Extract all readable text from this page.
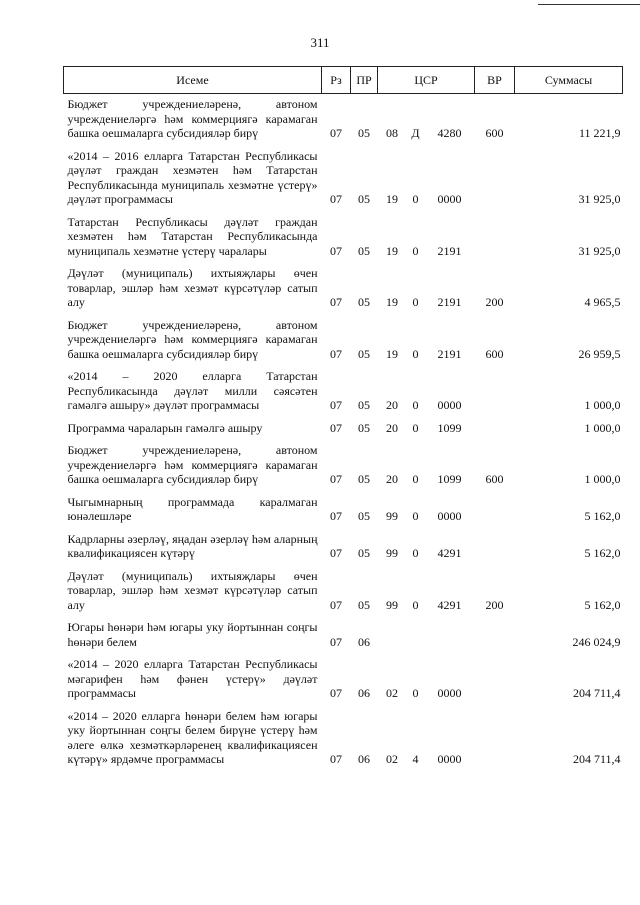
311
Исеме	Рз	ПР	ЦСР			ВР	Суммасы
Бюджет учреждениеләренә, автоном учреждениеләргә һәм коммерциягә карамаган башка оешмаларга субсидияләр бирү	07	05	08	Д	4280	600	11 221,9
«2014 – 2016 елларга Татарстан Республикасы дәүләт граждан хезмәтен һәм Татарстан Республикасында муниципаль хезмәтне үстерү» дәүләт программасы	07	05	19	0	0000		31 925,0
Татарстан Республикасы дәүләт граждан хезмәтен һәм Татарстан Республикасында муниципаль хезмәтне үстерү чаралары	07	05	19	0	2191		31 925,0
Дәүләт (муниципаль) ихтыяҗлары өчен товарлар, эшләр һәм хезмәт күрсәтүләр сатып алу	07	05	19	0	2191	200	4 965,5
Бюджет учреждениеләренә, автоном учреждениеләргә һәм коммерциягә карамаган башка оешмаларга субсидияләр бирү	07	05	19	0	2191	600	26 959,5
«2014 – 2020 елларга Татарстан Республикасында дәүләт милли сәясәтен гамәлгә ашыру» дәүләт программасы	07	05	20	0	0000		1 000,0
Программа чараларын гамәлгә ашыру	07	05	20	0	1099		1 000,0
Бюджет учреждениеләренә, автоном учреждениеләргә һәм коммерциягә карамаган башка оешмаларга субсидияләр бирү	07	05	20	0	1099	600	1 000,0
Чыгымнарның программада каралмаган юнәлешләре	07	05	99	0	0000		5 162,0
Кадрларны әзерләү, яңадан әзерләү һәм аларның квалификациясен күтәрү	07	05	99	0	4291		5 162,0
Дәүләт (муниципаль) ихтыяҗлары өчен товарлар, эшләр һәм хезмәт күрсәтүләр сатып алу	07	05	99	0	4291	200	5 162,0
Югары һөнәри һәм югары уку йортыннан соңгы һөнәри белем	07	06					246 024,9
«2014 – 2020 елларга Татарстан Республикасы мәгарифен һәм фәнен үстерү» дәүләт программасы	07	06	02	0	0000		204 711,4
«2014 – 2020 елларга һөнәри белем һәм югары уку йортыннан соңгы белем бирүне үстерү һәм әлеге өлкә хезмәткәрләренең квалификациясен күтәрү» ярдәмче программасы	07	06	02	4	0000		204 711,4
